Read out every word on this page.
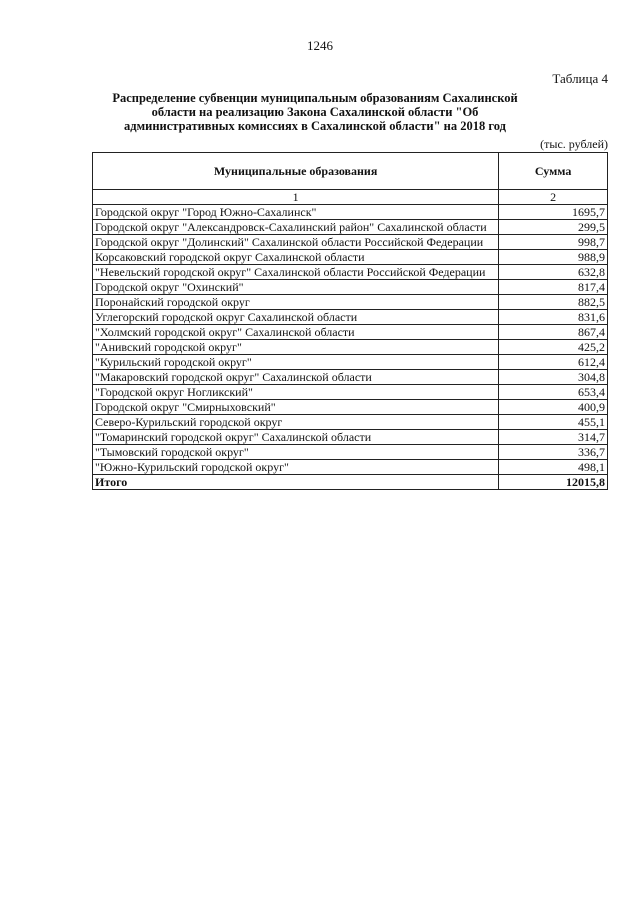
1246
Таблица 4
Распределение субвенции муниципальным образованиям Сахалинской области на реализацию Закона Сахалинской области "Об административных комиссиях в Сахалинской области" на 2018 год
(тыс. рублей)
Муниципальные образования	Сумма
1	2
Городской округ "Город Южно-Сахалинск"	1695,7
Городской округ "Александровск-Сахалинский район" Сахалинской области	299,5
Городской округ "Долинский" Сахалинской области Российской Федерации	998,7
Корсаковский городской округ Сахалинской области	988,9
"Невельский городской округ" Сахалинской области Российской Федерации	632,8
Городской округ "Охинский"	817,4
Поронайский городской округ	882,5
Углегорский городской округ Сахалинской области	831,6
"Холмский городской округ" Сахалинской области	867,4
"Анивский городской округ"	425,2
"Курильский городской округ"	612,4
"Макаровский городской округ" Сахалинской области	304,8
"Городской округ Ногликский"	653,4
Городской округ "Смирныховский"	400,9
Северо-Курильский городской округ	455,1
"Томаринский городской округ" Сахалинской области	314,7
"Тымовский городской округ"	336,7
"Южно-Курильский городской округ"	498,1
Итого	12015,8
